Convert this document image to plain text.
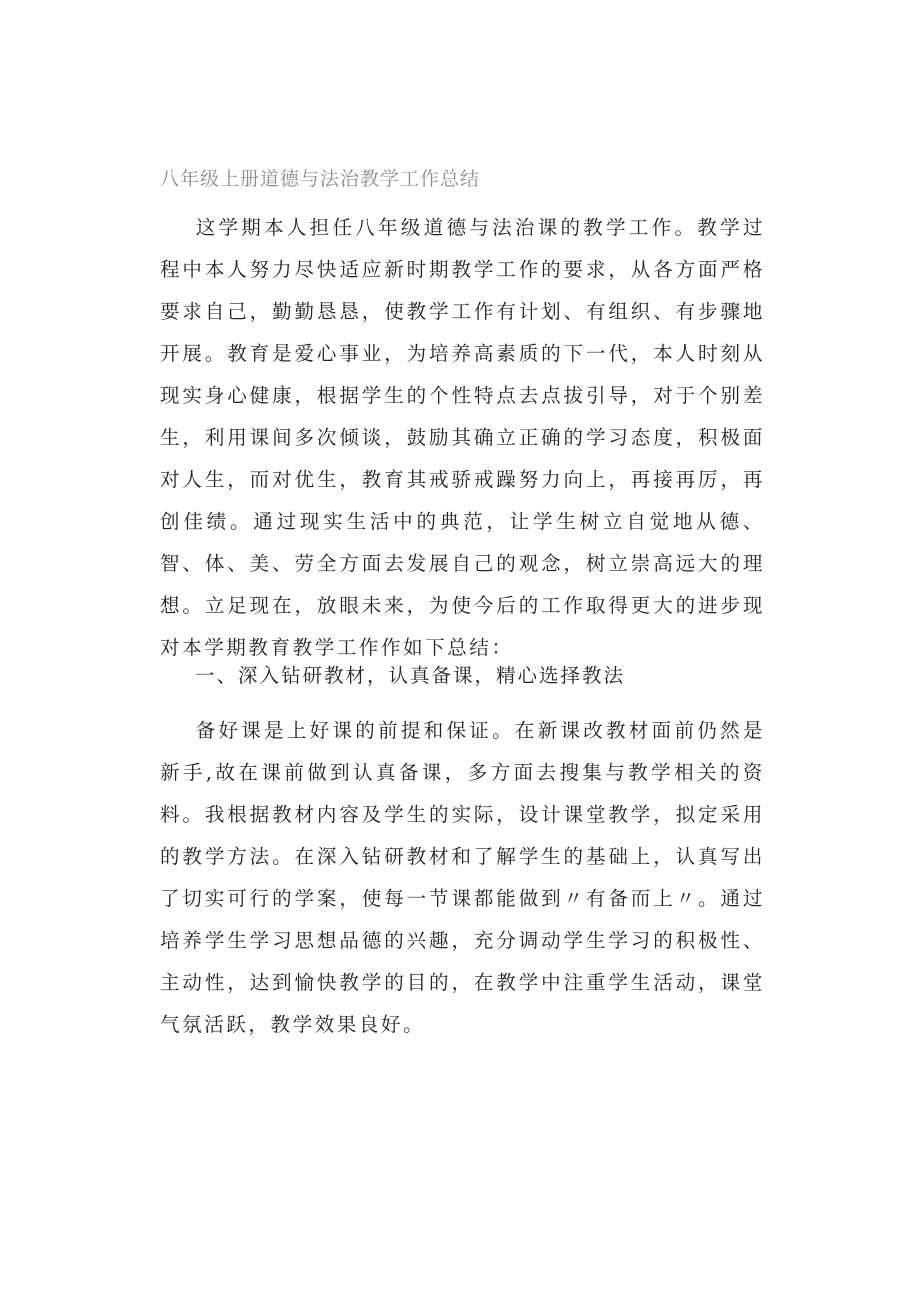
八年级上册道德与法治教学工作总结

这学期本人担任八年级道德与法治课的教学工作。教学过程中本人努力尽快适应新时期教学工作的要求，从各方面严格要求自己，勤勤恳恳，使教学工作有计划、有组织、有步骤地开展。教育是爱心事业，为培养高素质的下一代，本人时刻从现实身心健康，根据学生的个性特点去点拔引导，对于个别差生，利用课间多次倾谈，鼓励其确立正确的学习态度，积极面对人生，而对优生，教育其戒骄戒躁努力向上，再接再厉，再创佳绩。通过现实生活中的典范，让学生树立自觉地从德、智、体、美、劳全方面去发展自己的观念，树立崇高远大的理想。立足现在，放眼未来，为使今后的工作取得更大的进步现对本学期教育教学工作作如下总结：

一、深入钻研教材，认真备课，精心选择教法

备好课是上好课的前提和保证。在新课改教材面前仍然是新手,故在课前做到认真备课，多方面去搜集与教学相关的资料。我根据教材内容及学生的实际，设计课堂教学，拟定采用的教学方法。在深入钻研教材和了解学生的基础上，认真写出了切实可行的学案，使每一节课都能做到〃有备而上〃。通过培养学生学习思想品德的兴趣，充分调动学生学习的积极性、主动性，达到愉快教学的目的，在教学中注重学生活动，课堂气氛活跃，教学效果良好。
